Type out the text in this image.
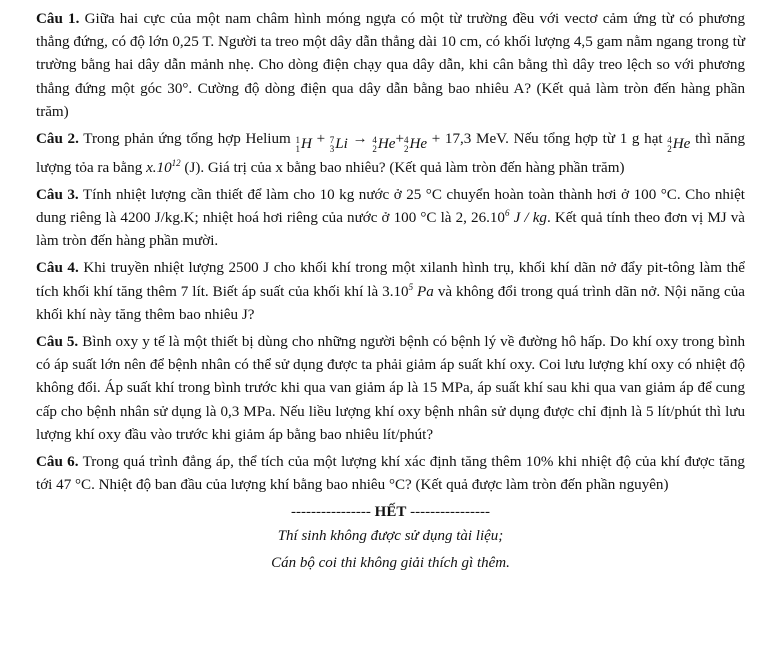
Câu 1. Giữa hai cực của một nam châm hình móng ngựa có một từ trường đều với vectơ cảm ứng từ có phương thẳng đứng, có độ lớn 0,25 T. Người ta treo một dây dẫn thẳng dài 10 cm, có khối lượng 4,5 gam nằm ngang trong từ trường bằng hai dây dẫn mảnh nhẹ. Cho dòng điện chạy qua dây dẫn, khi cân bằng thì dây treo lệch so với phương thẳng đứng một góc 30°. Cường độ dòng điện qua dây dẫn bằng bao nhiêu A? (Kết quả làm tròn đến hàng phần trăm)

Câu 2. Trong phản ứng tổng hợp Helium 1
1 H + 7
3 Li → 4
2 He + 4
2 He + 17,3 MeV. Nếu tổng hợp từ 1 g hạt 4
2 He thì năng lượng tỏa ra bằng $x.10^{12}$ (J). Giá trị của x bằng bao nhiêu? (Kết quả làm tròn đến hàng phần trăm)

Câu 3. Tính nhiệt lượng cần thiết để làm cho 10 kg nước ở 25 °C chuyển hoàn toàn thành hơi ở 100 °C. Cho nhiệt dung riêng là 4200 J/kg.K; nhiệt hoá hơi riêng của nước ở 100 °C là 2, 26.10$^6$ J / kg. Kết quả tính theo đơn vị MJ và làm tròn đến hàng phần mười.

Câu 4. Khi truyền nhiệt lượng 2500 J cho khối khí trong một xilanh hình trụ, khối khí dãn nở đẩy pit-tông làm thể tích khối khí tăng thêm 7 lít. Biết áp suất của khối khí là 3.10$^5$ Pa và không đổi trong quá trình dãn nở. Nội năng của khối khí này tăng thêm bao nhiêu J?

Câu 5. Bình oxy y tế là một thiết bị dùng cho những người bệnh có bệnh lý về đường hô hấp. Do khí oxy trong bình có áp suất lớn nên để bệnh nhân có thể sử dụng được ta phải giảm áp suất khí oxy. Coi lưu lượng khí oxy có nhiệt độ không đổi. Áp suất khí trong bình trước khi qua van giảm áp là 15 MPa, áp suất khí sau khi qua van giảm áp để cung cấp cho bệnh nhân sử dụng là 0,3 MPa. Nếu liều lượng khí oxy bệnh nhân sử dụng được chỉ định là 5 lít/phút thì lưu lượng khí oxy đầu vào trước khi giảm áp bằng bao nhiêu lít/phút?

Câu 6. Trong quá trình đẳng áp, thể tích của một lượng khí xác định tăng thêm 10% khi nhiệt độ của khí được tăng tới 47 °C. Nhiệt độ ban đầu của lượng khí bằng bao nhiêu °C? (Kết quả được làm tròn đến phần nguyên)

---------------- HẾT ----------------
Thí sinh không được sử dụng tài liệu;
Cán bộ coi thi không giải thích gì thêm.
